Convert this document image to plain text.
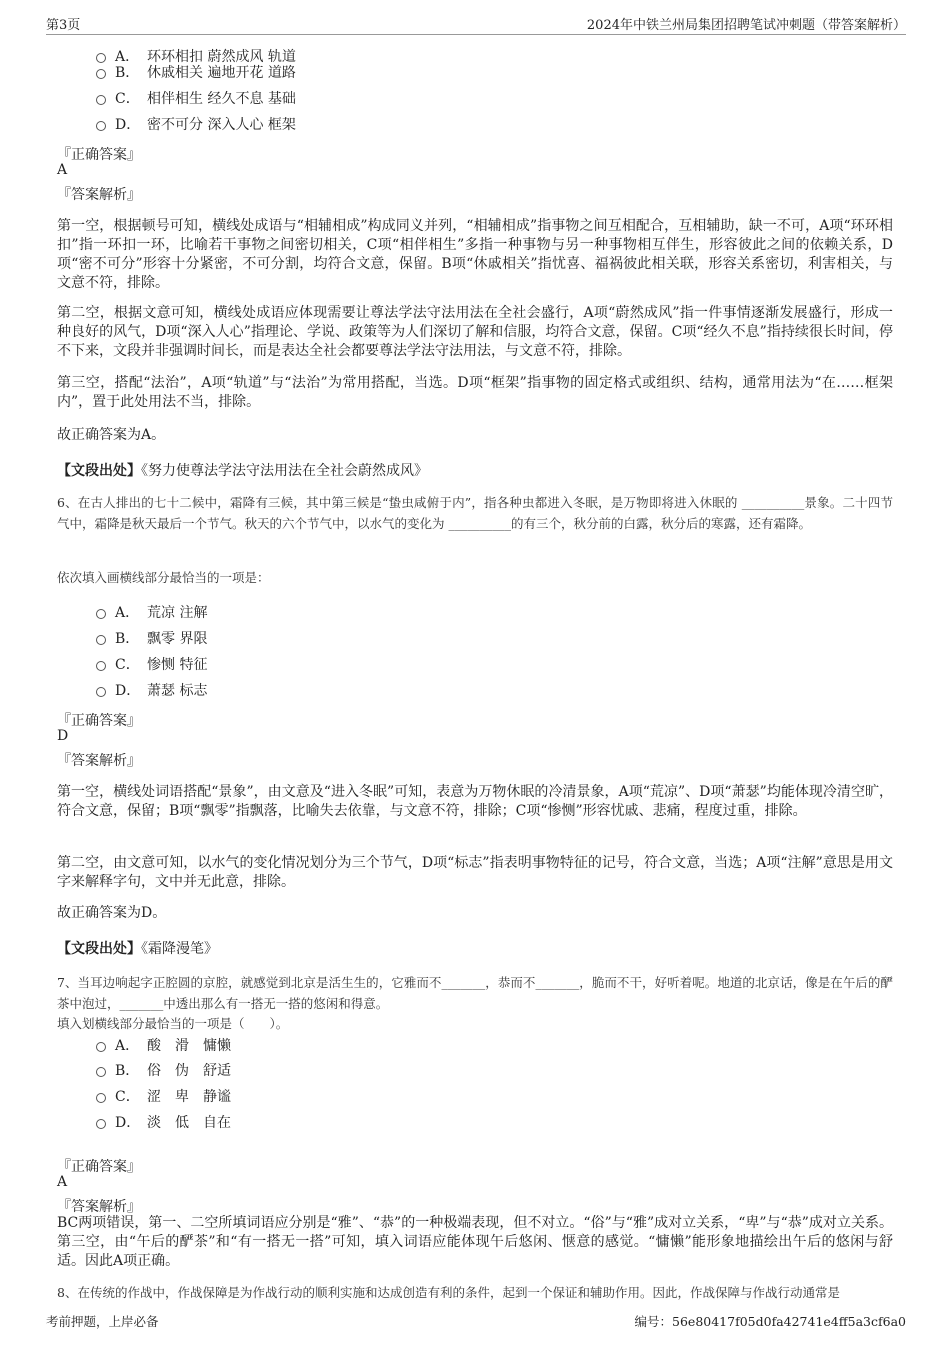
第3页	2024年中铁兰州局集团招聘笔试冲刺题（带答案解析）
A． 环环相扣 蔚然成风 轨道
B． 休戚相关 遍地开花 道路
C． 相伴相生 经久不息 基础
D． 密不可分 深入人心 框架
『正确答案』
A
『答案解析』
第一空，根据顿号可知，横线处成语与“相辅相成”构成同义并列，“相辅相成”指事物之间互相配合，互相辅助，缺一不可，A项“环环相扣”指一环扣一环，比喻若干事物之间密切相关，C项“相伴相生”多指一种事物与另一种事物相互伴生，形容彼此之间的依赖关系，D项“密不可分”形容十分紧密，不可分割，均符合文意，保留。B项“休戚相关”指忧喜、福祸彼此相关联，形容关系密切，利害相关，与文意不符，排除。
第二空，根据文意可知，横线处成语应体现需要让尊法学法守法用法在全社会盛行，A项“蔚然成风”指一件事情逐渐发展盛行，形成一种良好的风气，D项“深入人心”指理论、学说、政策等为人们深切了解和信服，均符合文意，保留。C项“经久不息”指持续很长时间，停不下来，文段并非强调时间长，而是表达全社会都要尊法学法守法用法，与文意不符，排除。
第三空，搭配“法治”，A项“轨道”与“法治”为常用搭配，当选。D项“框架”指事物的固定格式或组织、结构，通常用法为“在……框架内”，置于此处用法不当，排除。
故正确答案为A。
【文段出处】《努力使尊法学法守法用法在全社会蔚然成风》
6、在古人排出的七十二候中，霜降有三候，其中第三候是“蛰虫咸俯于内”，指各种虫都进入冬眠，是万物即将进入休眠的 __________景象。二十四节气中，霜降是秋天最后一个节气。秋天的六个节气中，以水气的变化为 __________的有三个，秋分前的白露，秋分后的寒露，还有霜降。
依次填入画横线部分最恰当的一项是：
A． 荒凉 注解
B． 飘零 界限
C． 惨恻 特征
D． 萧瑟 标志
『正确答案』
D
『答案解析』
第一空，横线处词语搭配“景象”，由文意及“进入冬眠”可知，表意为万物休眠的冷清景象，A项“荒凉”、D项“萧瑟”均能体现冷清空旷，符合文意，保留；B项“飘零”指飘落，比喻失去依靠，与文意不符，排除；C项“惨恻”形容忧戚、悲痛，程度过重，排除。
第二空，由文意可知，以水气的变化情况划分为三个节气，D项“标志”指表明事物特征的记号，符合文意，当选；A项“注解”意思是用文字来解释字句，文中并无此意，排除。
故正确答案为D。
【文段出处】《霜降漫笔》
7、当耳边响起字正腔圆的京腔，就感觉到北京是活生生的，它雅而不_______，恭而不_______，脆而不干，好听着呢。地道的北京话，像是在午后的酽茶中泡过，_______中透出那么有一搭无一搭的悠闲和得意。
填入划横线部分最恰当的一项是（　　）。
A． 酸　滑　慵懒
B． 俗　伪　舒适
C． 涩　卑　静谧
D． 淡　低　自在
『正确答案』
A
『答案解析』
BC两项错误，第一、二空所填词语应分别是“雅”、“恭”的一种极端表现，但不对立。“俗”与“雅”成对立关系，“卑”与“恭”成对立关系。第三空，由“午后的酽茶”和“有一搭无一搭”可知，填入词语应能体现午后悠闲、惬意的感觉。“慵懒”能形象地描绘出午后的悠闲与舒适。因此A项正确。
8、在传统的作战中，作战保障是为作战行动的顺利实施和达成创造有利的条件，起到一个保证和辅助作用。因此，作战保障与作战行动通常是
考前押题，上岸必备	编号：56e80417f05d0fa42741e4ff5a3cf6a0
